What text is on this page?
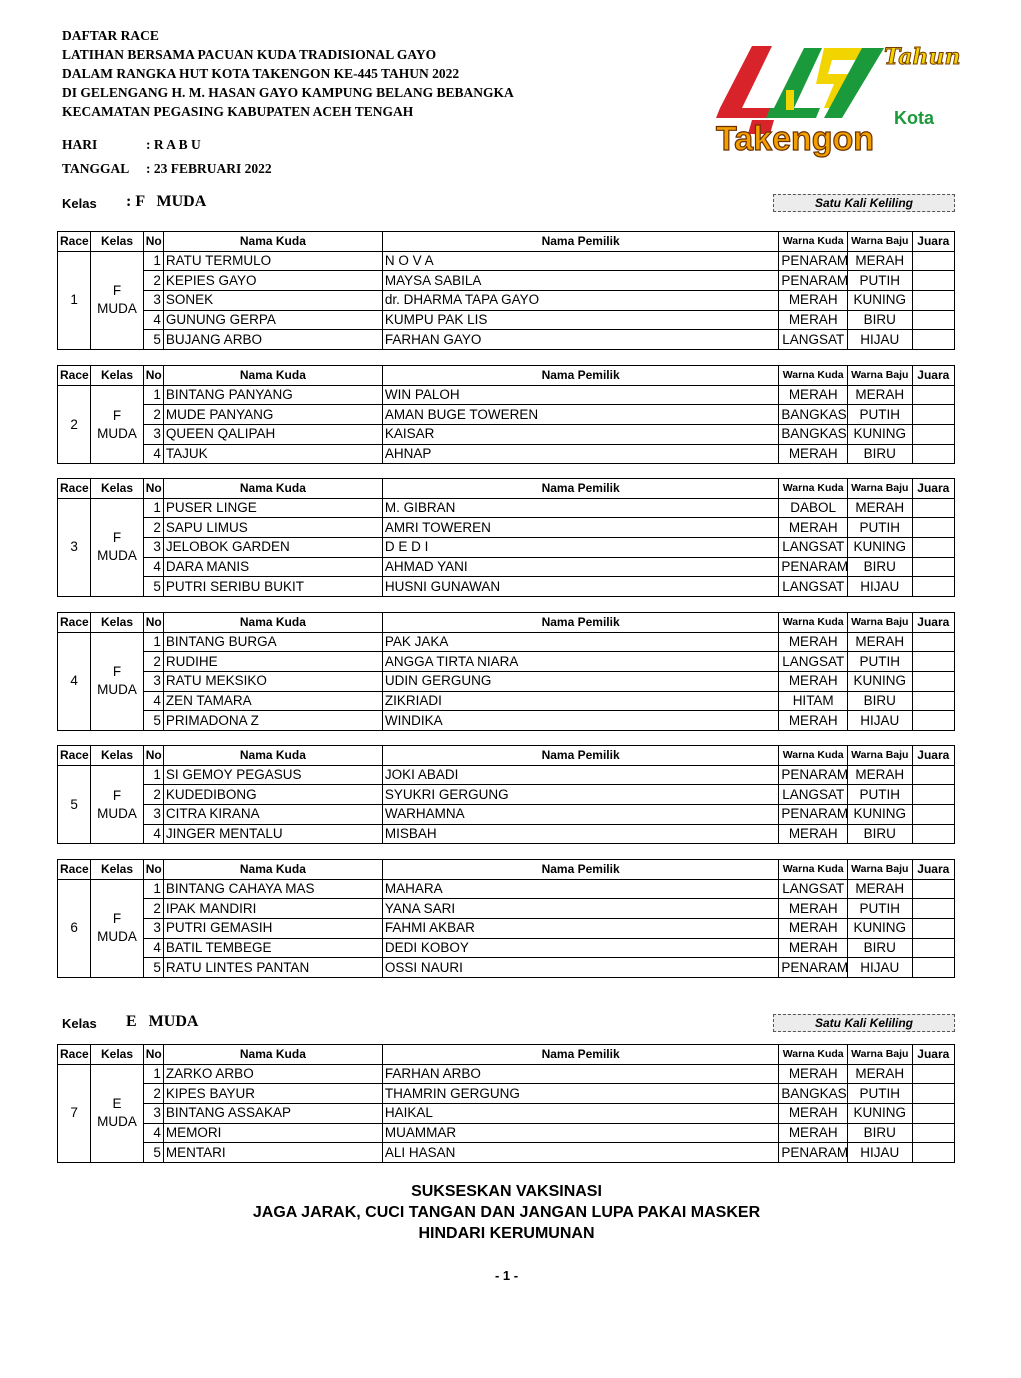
DAFTAR RACE
LATIHAN BERSAMA PACUAN KUDA TRADISIONAL GAYO
DALAM RANGKA HUT KOTA TAKENGON KE-445 TAHUN 2022
DI GELENGANG H. M. HASAN GAYO KAMPUNG BELANG BEBANGKA
KECAMATAN PEGASING KABUPATEN ACEH TENGAH
HARI	: R A B U
TANGGAL : 23 FEBRUARI 2022
Tahun
Kota
Takengon
Kelas : F   MUDA	Satu Kali Keliling
Race	Kelas	No	Nama Kuda	Nama Pemilik	Warna Kuda	Warna Baju	Juara
1	F
MUDA	1	RATU TERMULO	N O V A	PENARAM	MERAH	
		2	KEPIES GAYO	MAYSA SABILA	PENARAM	PUTIH	
		3	SONEK	dr. DHARMA TAPA GAYO	MERAH	KUNING	
		4	GUNUNG GERPA	KUMPU PAK LIS	MERAH	BIRU	
		5	BUJANG ARBO	FARHAN GAYO	LANGSAT	HIJAU	
Race	Kelas	No	Nama Kuda	Nama Pemilik	Warna Kuda	Warna Baju	Juara
2	F
MUDA	1	BINTANG PANYANG	WIN PALOH	MERAH	MERAH	
		2	MUDE PANYANG	AMAN BUGE TOWEREN	BANGKAS	PUTIH	
		3	QUEEN QALIPAH	KAISAR	BANGKAS	KUNING	
		4	TAJUK	AHNAP	MERAH	BIRU	
Race	Kelas	No	Nama Kuda	Nama Pemilik	Warna Kuda	Warna Baju	Juara
3	F
MUDA	1	PUSER LINGE	M. GIBRAN	DABOL	MERAH	
		2	SAPU LIMUS	AMRI TOWEREN	MERAH	PUTIH	
		3	JELOBOK GARDEN	D E D I	LANGSAT	KUNING	
		4	DARA MANIS	AHMAD YANI	PENARAM	BIRU	
		5	PUTRI SERIBU BUKIT	HUSNI GUNAWAN	LANGSAT	HIJAU	
Race	Kelas	No	Nama Kuda	Nama Pemilik	Warna Kuda	Warna Baju	Juara
4	F
MUDA	1	BINTANG BURGA	PAK JAKA	MERAH	MERAH	
		2	RUDIHE	ANGGA TIRTA NIARA	LANGSAT	PUTIH	
		3	RATU MEKSIKO	UDIN GERGUNG	MERAH	KUNING	
		4	ZEN TAMARA	ZIKRIADI	HITAM	BIRU	
		5	PRIMADONA Z	WINDIKA	MERAH	HIJAU	
Race	Kelas	No	Nama Kuda	Nama Pemilik	Warna Kuda	Warna Baju	Juara
5	F
MUDA	1	SI GEMOY PEGASUS	JOKI ABADI	PENARAM	MERAH	
		2	KUDEDIBONG	SYUKRI GERGUNG	LANGSAT	PUTIH	
		3	CITRA KIRANA	WARHAMNA	PENARAM	KUNING	
		4	JINGER MENTALU	MISBAH	MERAH	BIRU	
Race	Kelas	No	Nama Kuda	Nama Pemilik	Warna Kuda	Warna Baju	Juara
6	F
MUDA	1	BINTANG CAHAYA MAS	MAHARA	LANGSAT	MERAH	
		2	IPAK MANDIRI	YANA SARI	MERAH	PUTIH	
		3	PUTRI GEMASIH	FAHMI AKBAR	MERAH	KUNING	
		4	BATIL TEMBEGE	DEDI KOBOY	MERAH	BIRU	
		5	RATU LINTES PANTAN	OSSI NAURI	PENARAM	HIJAU	
Kelas E   MUDA	Satu Kali Keliling
Race	Kelas	No	Nama Kuda	Nama Pemilik	Warna Kuda	Warna Baju	Juara
7	E
MUDA	1	ZARKO ARBO	FARHAN ARBO	MERAH	MERAH	
		2	KIPES BAYUR	THAMRIN GERGUNG	BANGKAS	PUTIH	
		3	BINTANG ASSAKAP	HAIKAL	MERAH	KUNING	
		4	MEMORI	MUAMMAR	MERAH	BIRU	
		5	MENTARI	ALI HASAN	PENARAM	HIJAU	
SUKSESKAN VAKSINASI
JAGA JARAK, CUCI TANGAN DAN JANGAN LUPA PAKAI MASKER
HINDARI KERUMUNAN
- 1 -
